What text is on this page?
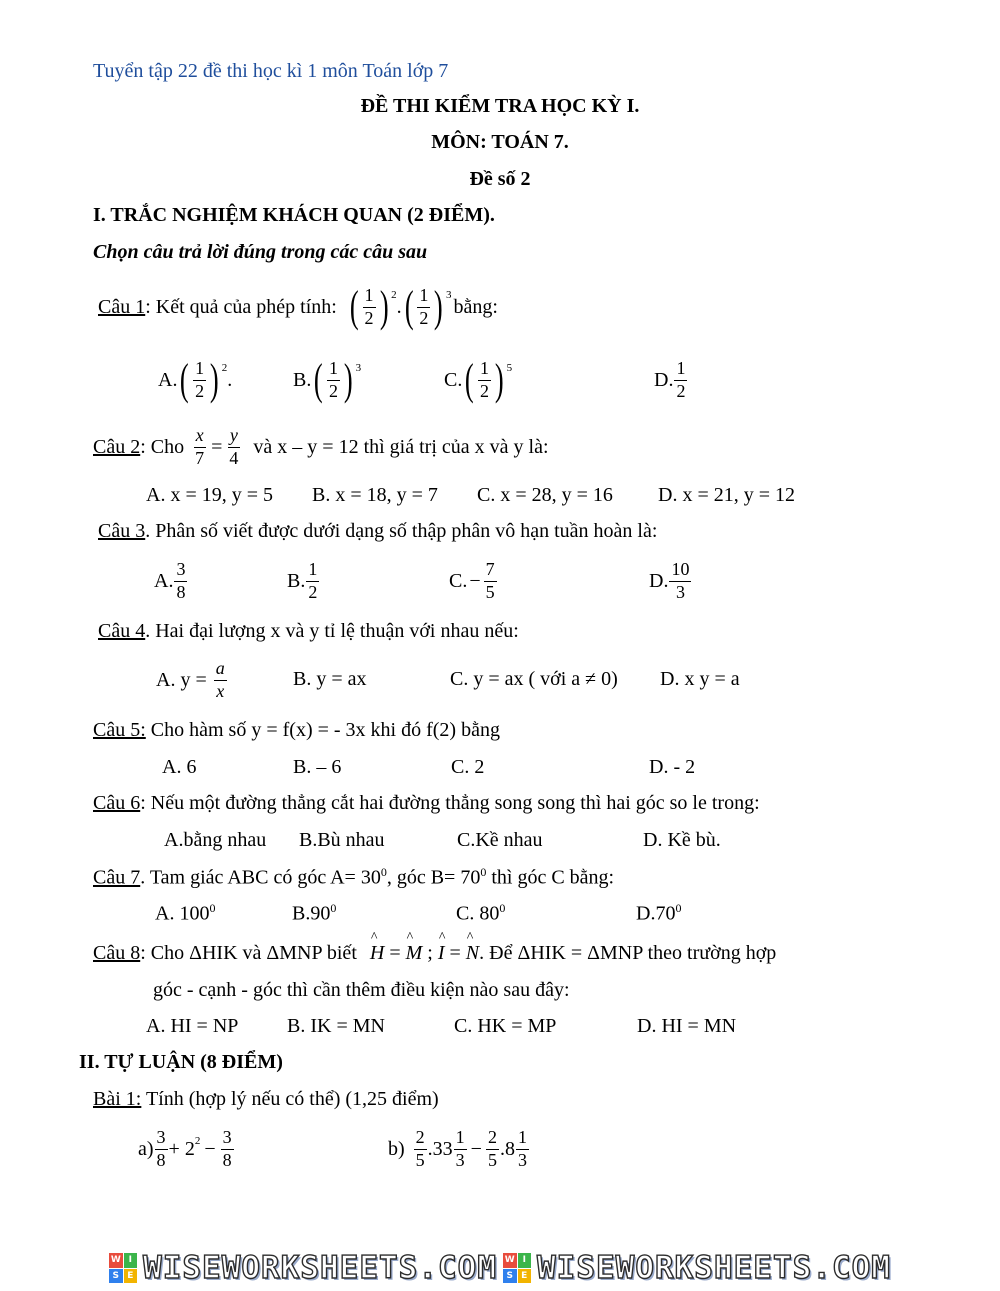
Tuyển tập 22 đề thi học kì 1 môn Toán lớp 7
ĐỀ THI KIỂM TRA HỌC KỲ I.
MÔN: TOÁN 7.
Đề số 2
I. TRẮC NGHIỆM KHÁCH QUAN (2 ĐIỂM).
Chọn câu trả lời đúng trong các câu sau
Câu 1 : Kết quả của phép tính: ( $\frac{1}{2}$ ) 2
. ( $\frac{1}{2}$ ) 3
bằng:
A. ( $\frac{1}{2}$ ) 2
.	B. ( $\frac{1}{2}$ ) 3
C. ( $\frac{1}{2}$ ) 5
D. $\frac{1}{2}$
Câu 2 : Cho $\frac{x}{7} = \frac{y}{4}$ và x – y = 12 thì giá trị của x và y là:
A. x = 19, y = 5 B. x = 18, y = 7 C. x = 28, y = 16 D. x = 21, y = 12
Câu 3. Phân số viết được dưới dạng số thập phân vô hạn tuần hoàn là:
A. $\frac{3}{8}$	B. $\frac{1}{2}$	C. − $\frac{7}{5}$	D. $\frac{10}{3}$
Câu 4. Hai đại lượng x và y tỉ lệ thuận với nhau nếu:
A. $y = \frac{a}{x}$	B. y = ax	C. y = ax ( với a ≠ 0) D. x y = a
Câu 5: Cho hàm số y = f(x) = - 3x khi đó f(2) bằng
A. 6	B. – 6	C. 2	D. - 2
Câu 6: Nếu một đường thẳng cắt hai đường thẳng song song thì hai góc so le trong:
A.bằng nhau B.Bù nhau	C.Kề nhau	D. Kề bù.
Câu 7. Tam giác ABC có góc $A= 30^0$, góc $B= 70^0$ thì góc C bằng:
A. $100^0$	$B.90^0$	C. $80^0$	$D.70^0$
Câu 8: Cho ΔHIK và ΔMNP biết ^ H = ^ M ; ^ I = ^ N. Để ΔHIK = ΔMNP theo trường hợp
góc - cạnh - góc thì cần thêm điều kiện nào sau đây:
A. HI = NP B. IK = MN	C. HK = MP	D. HI = MN
II. TỰ LUẬN (8 ĐIỂM)
Bài 1: Tính (hợp lý nếu có thể) (1,25 điểm)
$a) \frac{3}{8} + 2$ $2 - \frac{3}{8}$	$b) \frac{2}{5} .33 \frac{1}{3} - \frac{2}{5} .8 \frac{1}{3}$
W I
S E WISEWORKSHEETS.COM W I
S E WISEWORKSHEETS.COM
